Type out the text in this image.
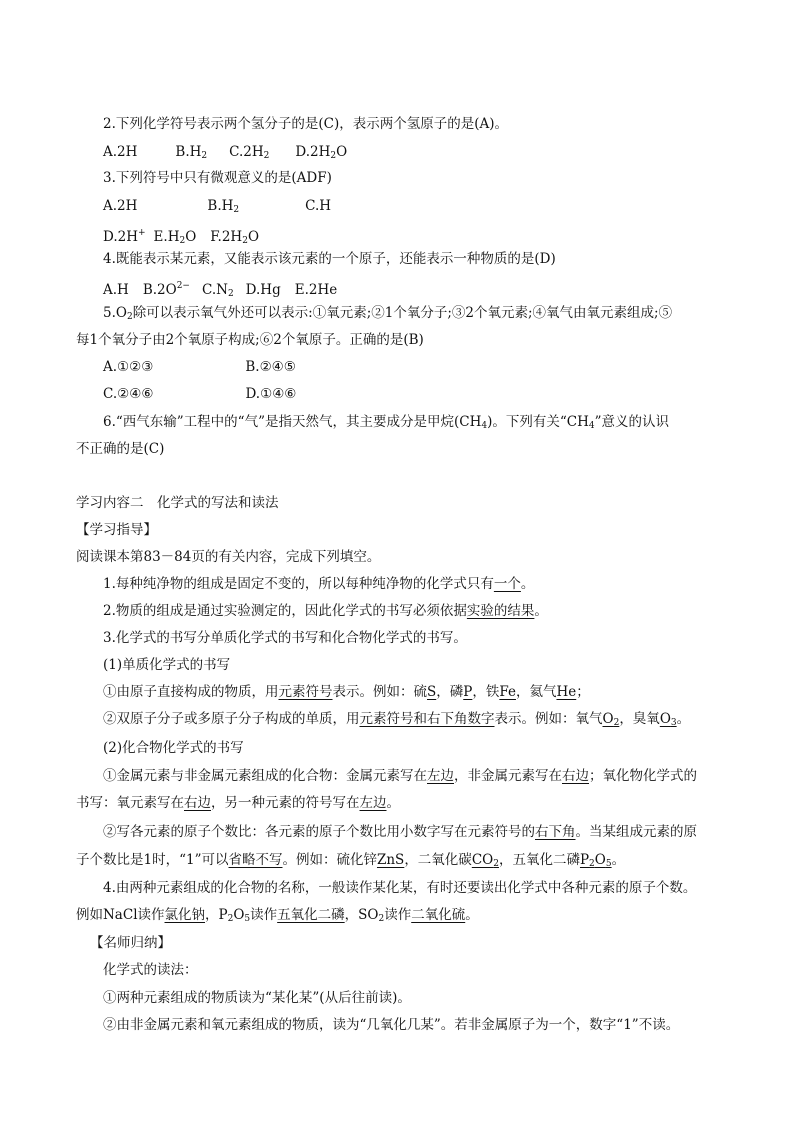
2.下列化学符号表示两个氢分子的是(C)，表示两个氢原子的是(A)。
A.2H	$B.H_2$ $C.2H_2$ $D.2H_2O$
3.下列符号中只有微观意义的是(ADF)
A.2H	$B.H_2$	C.H
D.2H+ $E.H_2O$ $F.2H_2O$
4.既能表示某元素，又能表示该元素的一个原子，还能表示一种物质的是(D)
A.H $B.2O^{2-}$ $C.N_2$ D.Hg E.2He
$5.O_2$除可以表示氧气外还可以表示:①氧元素;②1个氧分子;③2个氧元素;④氧气由氧元素组成;⑤
每1个氧分子由2个氧原子构成;⑥2个氧原子。正确的是(B)
A.①②③	B.②④⑤
C.②④⑥	D.①④⑥
6.“西气东输”工程中的“气”是指天然气，其主要成分是甲烷$(CH_4)$。下列有关“$CH_4$”意义的认识
不正确的是(C)
学习内容二　化学式的写法和读法
【学习指导】
阅读课本第83－84页的有关内容，完成下列填空。
1.每种纯净物的组成是固定不变的，所以每种纯净物的化学式只有一个。
2.物质的组成是通过实验测定的，因此化学式的书写必须依据实验的结果。
3.化学式的书写分单质化学式的书写和化合物化学式的书写。
(1)单质化学式的书写
①由原子直接构成的物质，用元素符号表示。例如：硫S，磷P，铁Fe，氦气He；
②双原子分子或多原子分子构成的单质，用元素符号和右下角数字表示。例如：氧气$O_2$，臭氧$O_3$。
(2)化合物化学式的书写
①金属元素与非金属元素组成的化合物：金属元素写在左边，非金属元素写在右边；氧化物化学式的
书写：氧元素写在右边，另一种元素的符号写在左边。
②写各元素的原子个数比：各元素的原子个数比用小数字写在元素符号的右下角。当某组成元素的原
子个数比是1时，“1”可以省略不写。例如：硫化锌ZnS，二氧化碳$CO_2$，五氧化二磷$P_2O_5$。
4.由两种元素组成的化合物的名称，一般读作某化某，有时还要读出化学式中各种元素的原子个数。
例如NaCl读作氯化钠，$P_2O_5$读作五氧化二磷，$SO_2$读作二氧化硫。
【名师归纳】
化学式的读法：
①两种元素组成的物质读为“某化某”(从后往前读)。
②由非金属元素和氧元素组成的物质，读为“几氧化几某”。若非金属原子为一个，数字“1”不读。
